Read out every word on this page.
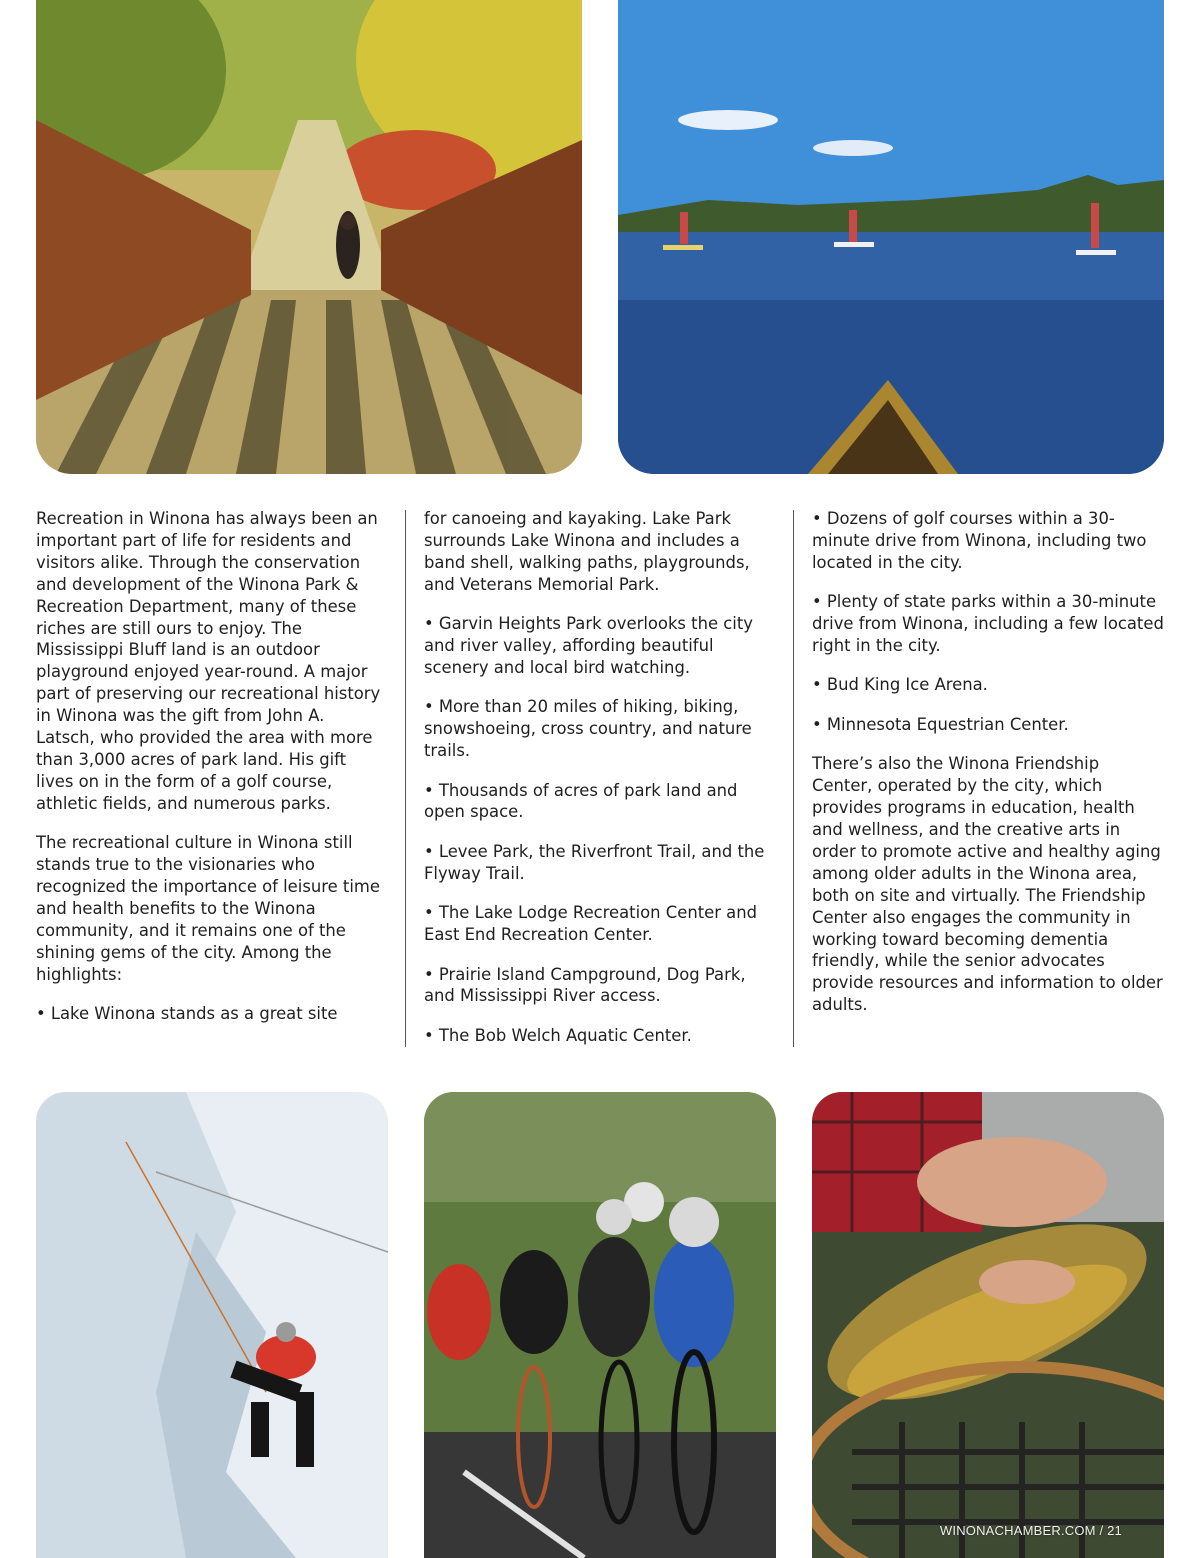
Recreation in Winona has always been an important part of life for residents and visitors alike. Through the conservation and development of the Winona Park & Recreation Department, many of these riches are still ours to enjoy. The Mississippi Bluff land is an outdoor playground enjoyed year-round. A major part of preserving our recreational history in Winona was the gift from John A. Latsch, who provided the area with more than 3,000 acres of park land. His gift lives on in the form of a golf course, athletic fields, and numerous parks.

The recreational culture in Winona still stands true to the visionaries who recognized the importance of leisure time and health benefits to the Winona community, and it remains one of the shining gems of the city. Among the highlights:

• Lake Winona stands as a great site

for canoeing and kayaking. Lake Park surrounds Lake Winona and includes a band shell, walking paths, playgrounds, and Veterans Memorial Park.

• Garvin Heights Park overlooks the city and river valley, affording beautiful scenery and local bird watching.

• More than 20 miles of hiking, biking, snowshoeing, cross country, and nature trails.

• Thousands of acres of park land and open space.

• Levee Park, the Riverfront Trail, and the Flyway Trail.

• The Lake Lodge Recreation Center and East End Recreation Center.

• Prairie Island Campground, Dog Park, and Mississippi River access.

• The Bob Welch Aquatic Center.

• Dozens of golf courses within a 30-minute drive from Winona, including two located in the city.

• Plenty of state parks within a 30-minute drive from Winona, including a few located right in the city.

• Bud King Ice Arena.

• Minnesota Equestrian Center.

There’s also the Winona Friendship Center, operated by the city, which provides programs in education, health and wellness, and the creative arts in order to promote active and healthy aging among older adults in the Winona area, both on site and virtually. The Friendship Center also engages the community in working toward becoming dementia friendly, while the senior advocates provide resources and information to older adults.

WINONACHAMBER.COM / 21
